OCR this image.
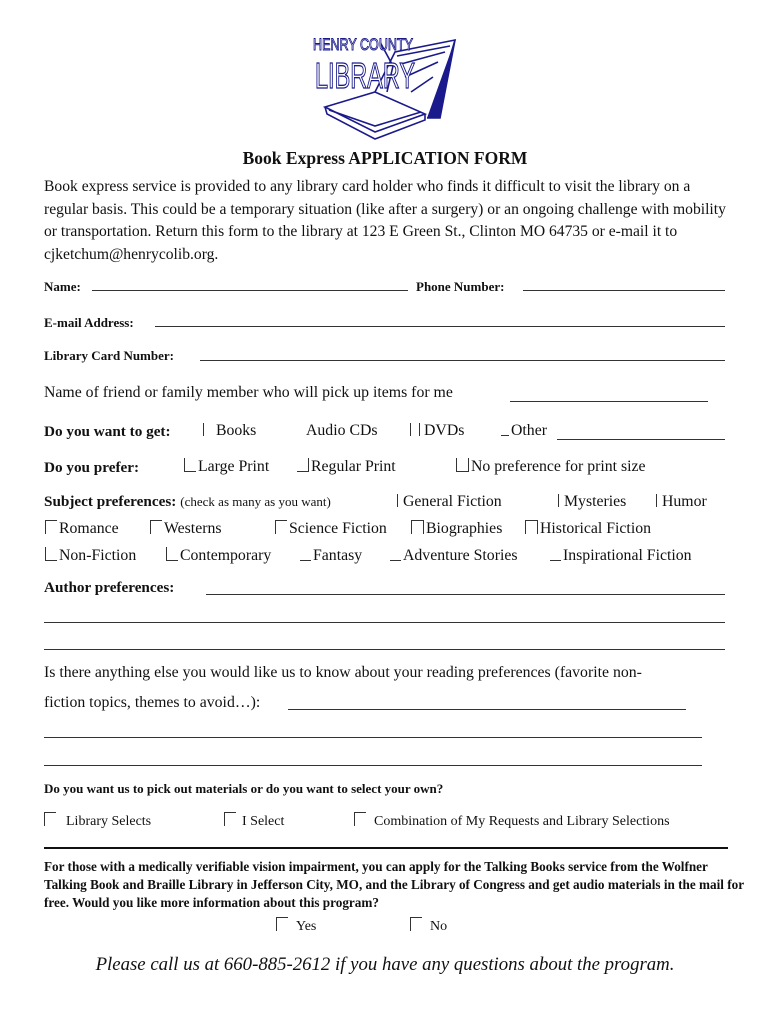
HENRY COUNTY
LIBRARY
Book Express APPLICATION FORM
Book express service is provided to any library card holder who finds it difficult to visit the library on a regular basis. This could be a temporary situation (like after a surgery) or an ongoing challenge with mobility or transportation. Return this form to the library at 123 E Green St., Clinton MO 64735 or e-mail it to cjketchum@henrycolib.org.
Name:	Phone Number:
E-mail Address:
Library Card Number:
Name of friend or family member who will pick up items for me
Do you want to get:	Books	Audio CDs	DVDs	Other
Do you prefer:	Large Print	Regular Print	No preference for print size
Subject preferences: (check as many as you want)	General Fiction	Mysteries	Humor
Romance	Westerns	Science Fiction	Biographies	Historical Fiction
Non-Fiction	Contemporary	Fantasy	Adventure Stories	Inspirational Fiction
Author preferences:
Is there anything else you would like us to know about your reading preferences (favorite non-
fiction topics, themes to avoid…):
Do you want us to pick out materials or do you want to select your own?
Library Selects	I Select	Combination of My Requests and Library Selections
For those with a medically verifiable vision impairment, you can apply for the Talking Books service from the Wolfner Talking Book and Braille Library in Jefferson City, MO, and the Library of Congress and get audio materials in the mail for free. Would you like more information about this program?
Yes	No
Please call us at 660-885-2612 if you have any questions about the program.
